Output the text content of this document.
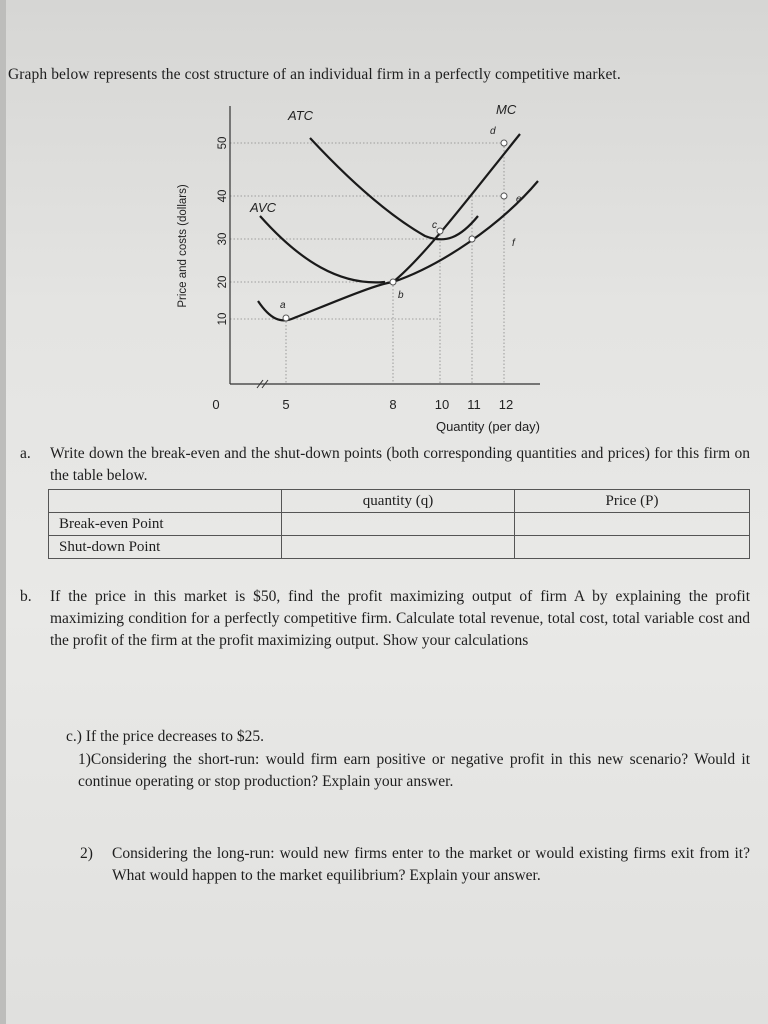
Graph below represents the cost structure of an individual firm in a perfectly competitive market.
Price and costs (dollars)
50
40
30
20
10
0	5	8	10 11 12
Quantity (per day)
a
b
c
d
e
f
ATC
AVC
MC
a. Write down the break-even and the shut-down points (both corresponding quantities and prices) for this firm on the table below.
	quantity (q)	Price (P)
Break-even Point		
Shut-down Point		
b. If the price in this market is $50, find the profit maximizing output of firm A by explaining the profit maximizing condition for a perfectly competitive firm. Calculate total revenue, total cost, total variable cost and the profit of the firm at the profit maximizing output. Show your calculations
c.) If the price decreases to $25.
1)Considering the short-run: would firm earn positive or negative profit in this new scenario? Would it continue operating or stop production? Explain your answer.
2) Considering the long-run: would new firms enter to the market or would existing firms exit from it? What would happen to the market equilibrium? Explain your answer.
